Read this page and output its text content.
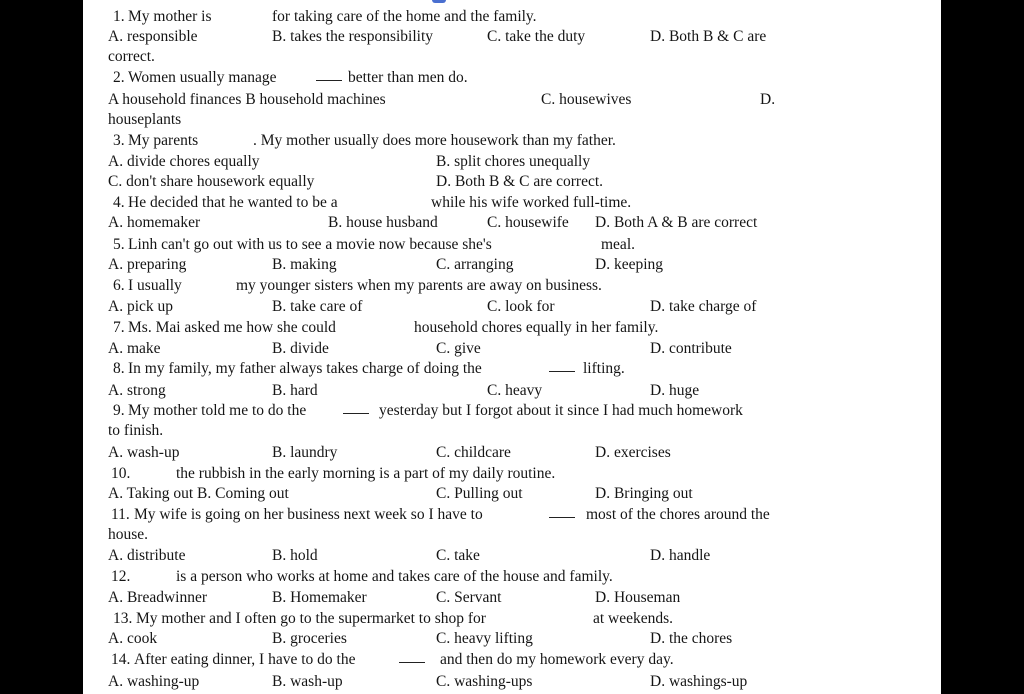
1. My mother is	for taking care of the home and the family.
A. responsible	B. takes the responsibility	C. take the duty	D. Both B & C are
correct.
2. Women usually manage	better than men do.
A household finances B household machines	C. housewives	D.
houseplants
3. My parents	. My mother usually does more housework than my father.
A. divide chores equally	B. split chores unequally
C. don't share housework equally	D. Both B & C are correct.
4. He decided that he wanted to be a	while his wife worked full-time.
A. homemaker	B. house husband	C. housewife D. Both A & B are correct
5. Linh can't go out with us to see a movie now because she's	meal.
A. preparing	B. making	C. arranging	D. keeping
6. I usually	my younger sisters when my parents are away on business.
A. pick up	B. take care of	C. look for	D. take charge of
7. Ms. Mai asked me how she could	household chores equally in her family.
A. make	B. divide	C. give	D. contribute
8. In my family, my father always takes charge of doing the	lifting.
A. strong	B. hard	C. heavy	D. huge
9. My mother told me to do the	yesterday but I forgot about it since I had much homework
to finish.
A. wash-up	B. laundry	C. childcare	D. exercises
10.	the rubbish in the early morning is a part of my daily routine.
A. Taking out B. Coming out	C. Pulling out	D. Bringing out
11. My wife is going on her business next week so I have to	most of the chores around the
house.
A. distribute	B. hold	C. take	D. handle
12.	is a person who works at home and takes care of the house and family.
A. Breadwinner	B. Homemaker	C. Servant	D. Houseman
13. My mother and I often go to the supermarket to shop for	at weekends.
A. cook	B. groceries	C. heavy lifting	D. the chores
14. After eating dinner, I have to do the	and then do my homework every day.
A. washing-up	B. wash-up	C. washing-ups	D. washings-up
